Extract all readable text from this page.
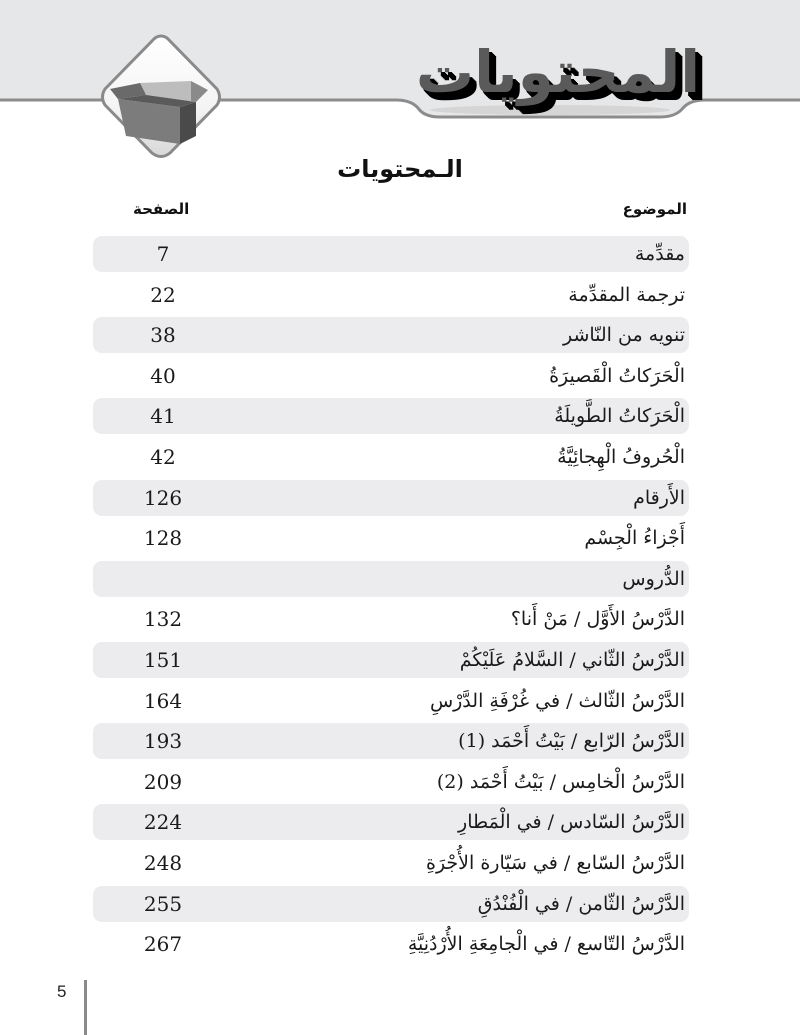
المحتويات
الـمحتويات
الموضوع
الصفحة
مقدِّمة
7
ترجمة المقدِّمة
22
تنويه من النّاشر
38
الْحَرَكاتُ الْقَصيرَةُ
40
الْحَرَكاتُ الطَّويلَةُ
41
الْحُروفُ الْهِجائِيَّةُ
42
الأَرقام
126
أَجْزاءُ الْجِسْم
128
الدُّروس
الدَّرْسُ الأَوَّل / مَنْ أَنا؟
132
الدَّرْسُ الثّاني / السَّلامُ عَلَيْكُمْ
151
الدَّرْسُ الثّالث / في غُرْفَةِ الدَّرْسِ
164
الدَّرْسُ الرّابع / بَيْتُ أَحْمَد (1)
193
الدَّرْسُ الْخامِس / بَيْتُ أَحْمَد (2)
209
الدَّرْسُ السّادس / في الْمَطارِ
224
الدَّرْسُ السّابع / في سَيّارة الأُجْرَةِ
248
الدَّرْسُ الثّامن / في الْفُنْدُقِ
255
الدَّرْسُ التّاسع / في الْجامِعَةِ الأُرْدُنِيَّةِ
267
5
